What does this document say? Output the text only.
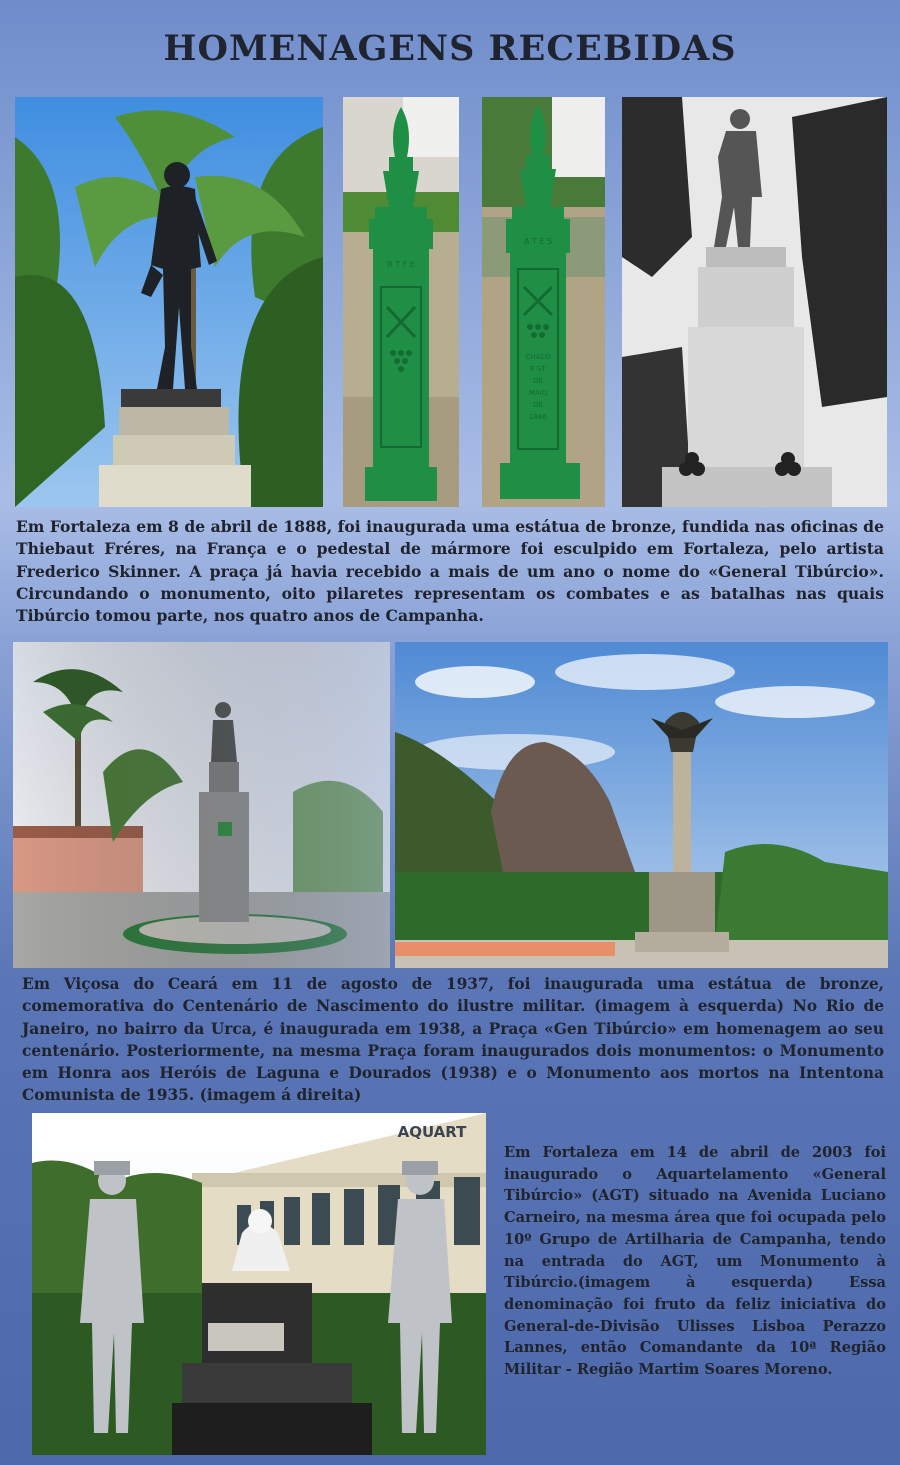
HOMENAGENS RECEBIDAS
R T F E
A T E S
CHACO
F ST
DE
MAIO
DE
1866

Em Fortaleza em 8 de abril de 1888, foi inaugurada uma estátua de bronze, fundida nas oficinas de Thiebaut Fréres, na França e o pedestal de mármore foi esculpido em Fortaleza, pelo artista Frederico Skinner. A praça já havia recebido a mais de um ano o nome do «General Tibúrcio». Circundando o monumento, oito pilaretes representam os combates e as batalhas nas quais Tibúrcio tomou parte, nos quatro anos de Campanha.

Em Viçosa do Ceará em 11 de agosto de 1937, foi inaugurada uma estátua de bronze, comemorativa do Centenário de Nascimento do ilustre militar. (imagem à esquerda) No Rio de Janeiro, no bairro da Urca, é inaugurada em 1938, a Praça «Gen Tibúrcio» em homenagem ao seu centenário. Posteriormente, na mesma Praça foram inaugurados dois monumentos: o Monumento em Honra aos Heróis de Laguna e Dourados (1938) e o Monumento aos mortos na Intentona Comunista de 1935. (imagem á direita)

AQUART

Em Fortaleza em 14 de abril de 2003 foi inaugurado o Aquartelamento «General Tibúrcio» (AGT) situado na Avenida Luciano Carneiro, na mesma área que foi ocupada pelo 10º Grupo de Artilharia de Campanha, tendo na entrada do AGT, um Monumento à Tibúrcio.(imagem à esquerda) Essa denominação foi fruto da feliz iniciativa do General-de-Divisão Ulisses Lisboa Perazzo Lannes, então Comandante da 10ª Região Militar - Região Martim Soares Moreno.
